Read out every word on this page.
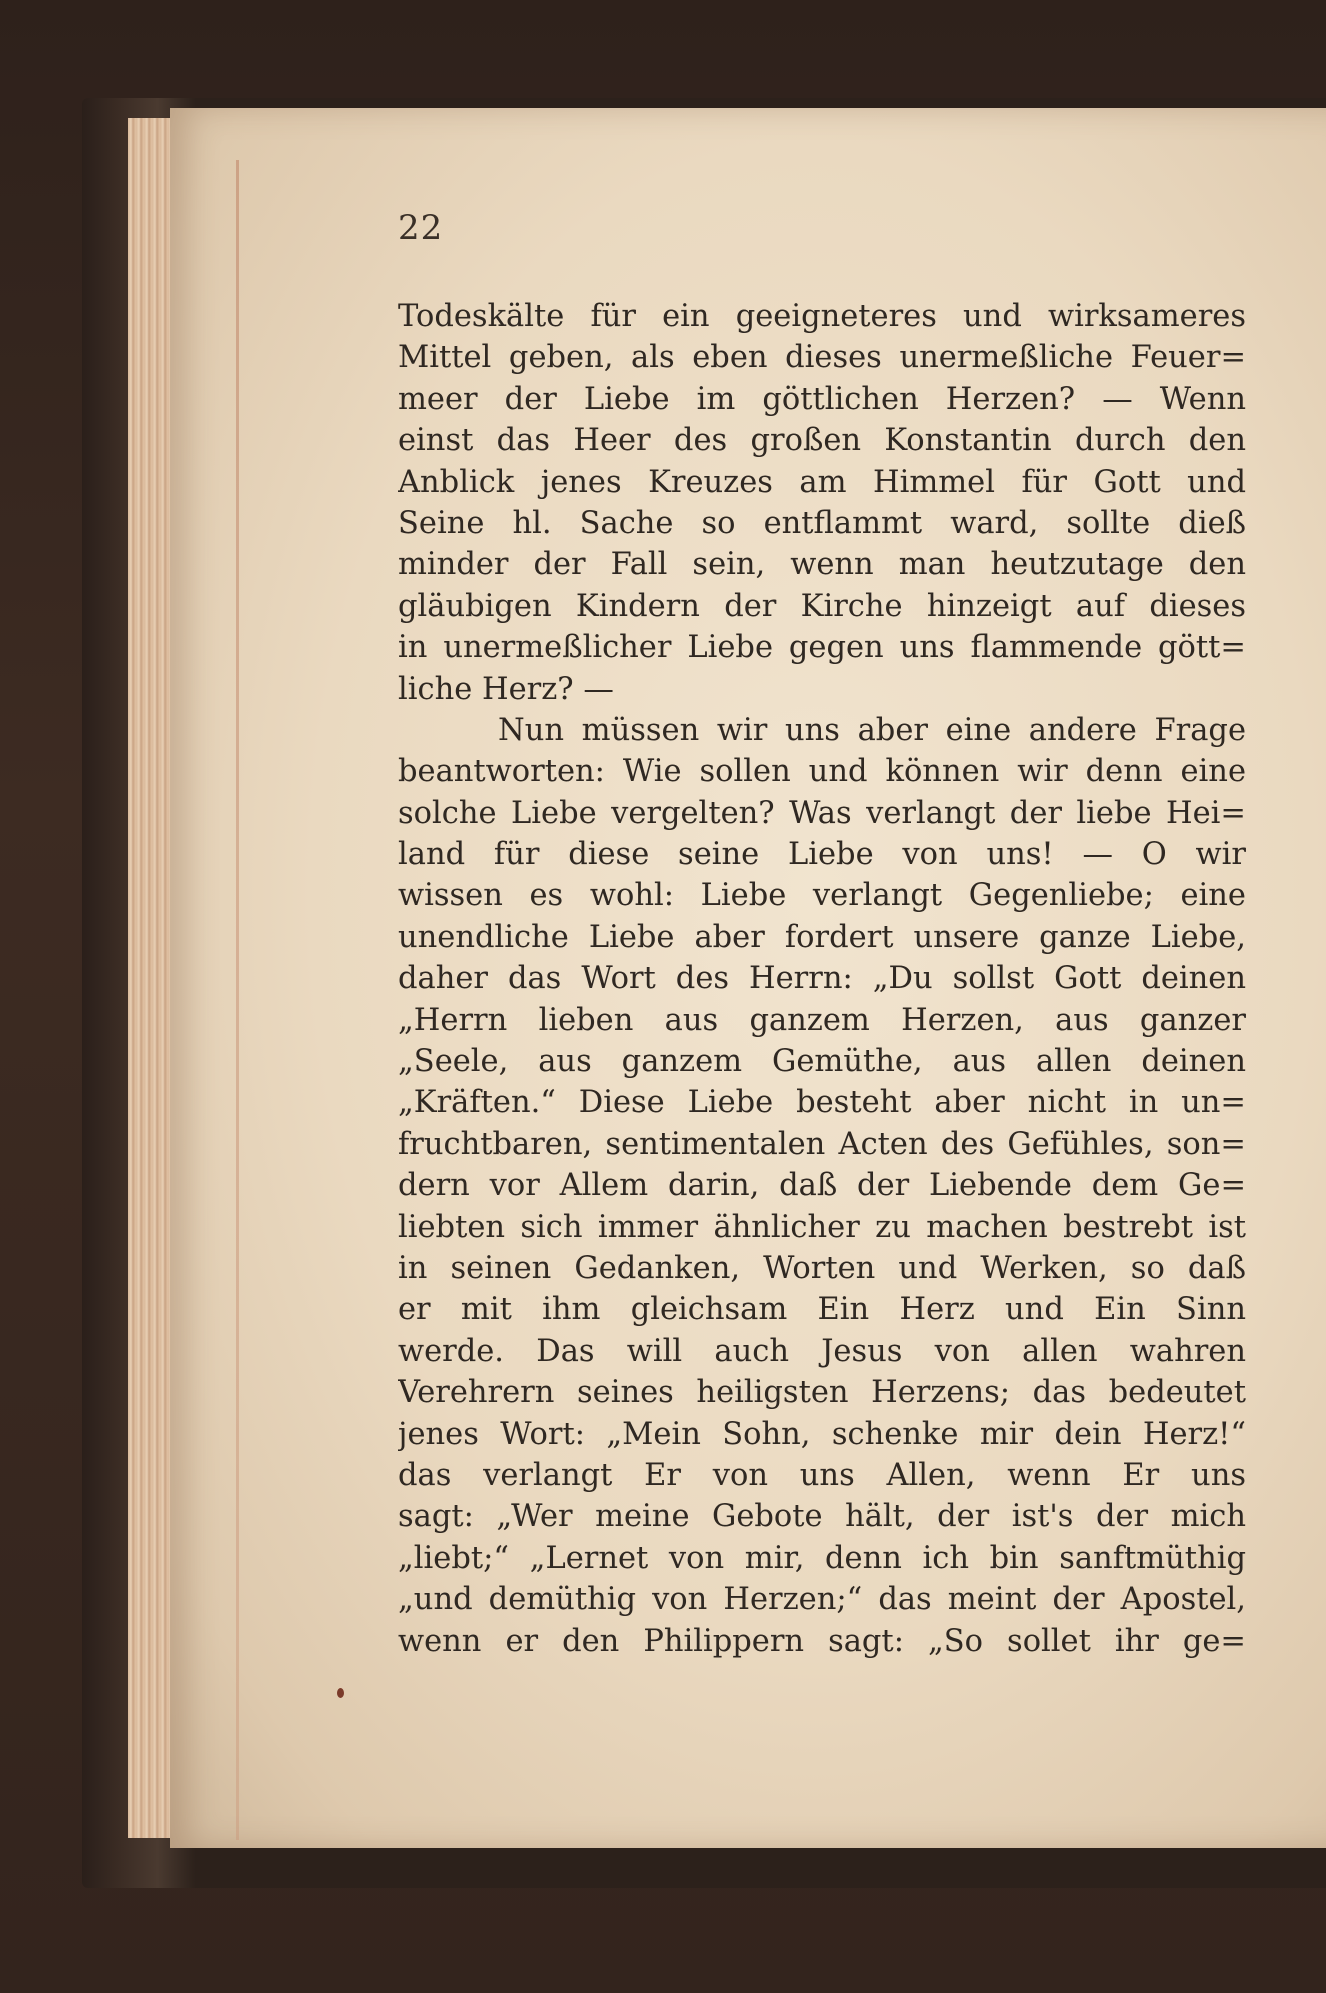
22
Todeskälte für ein geeigneteres und wirksameres
Mittel geben, als eben dieses unermeßliche Feuer=
meer der Liebe im göttlichen Herzen? — Wenn
einst das Heer des großen Konstantin durch den
Anblick jenes Kreuzes am Himmel für Gott und
Seine hl. Sache so entflammt ward, sollte dieß
minder der Fall sein, wenn man heutzutage den
gläubigen Kindern der Kirche hinzeigt auf dieses
in unermeßlicher Liebe gegen uns flammende gött=
liche Herz? —
Nun müssen wir uns aber eine andere Frage
beantworten: Wie sollen und können wir denn eine
solche Liebe vergelten? Was verlangt der liebe Hei=
land für diese seine Liebe von uns! — O wir
wissen es wohl: Liebe verlangt Gegenliebe; eine
unendliche Liebe aber fordert unsere ganze Liebe,
daher das Wort des Herrn: „Du sollst Gott deinen
„Herrn lieben aus ganzem Herzen, aus ganzer
„Seele, aus ganzem Gemüthe, aus allen deinen
„Kräften.“ Diese Liebe besteht aber nicht in un=
fruchtbaren, sentimentalen Acten des Gefühles, son=
dern vor Allem darin, daß der Liebende dem Ge=
liebten sich immer ähnlicher zu machen bestrebt ist
in seinen Gedanken, Worten und Werken, so daß
er mit ihm gleichsam Ein Herz und Ein Sinn
werde. Das will auch Jesus von allen wahren
Verehrern seines heiligsten Herzens; das bedeutet
jenes Wort: „Mein Sohn, schenke mir dein Herz!“
das verlangt Er von uns Allen, wenn Er uns
sagt: „Wer meine Gebote hält, der ist's der mich
„liebt;“ „Lernet von mir, denn ich bin sanftmüthig
„und demüthig von Herzen;“ das meint der Apostel,
wenn er den Philippern sagt: „So sollet ihr ge=
